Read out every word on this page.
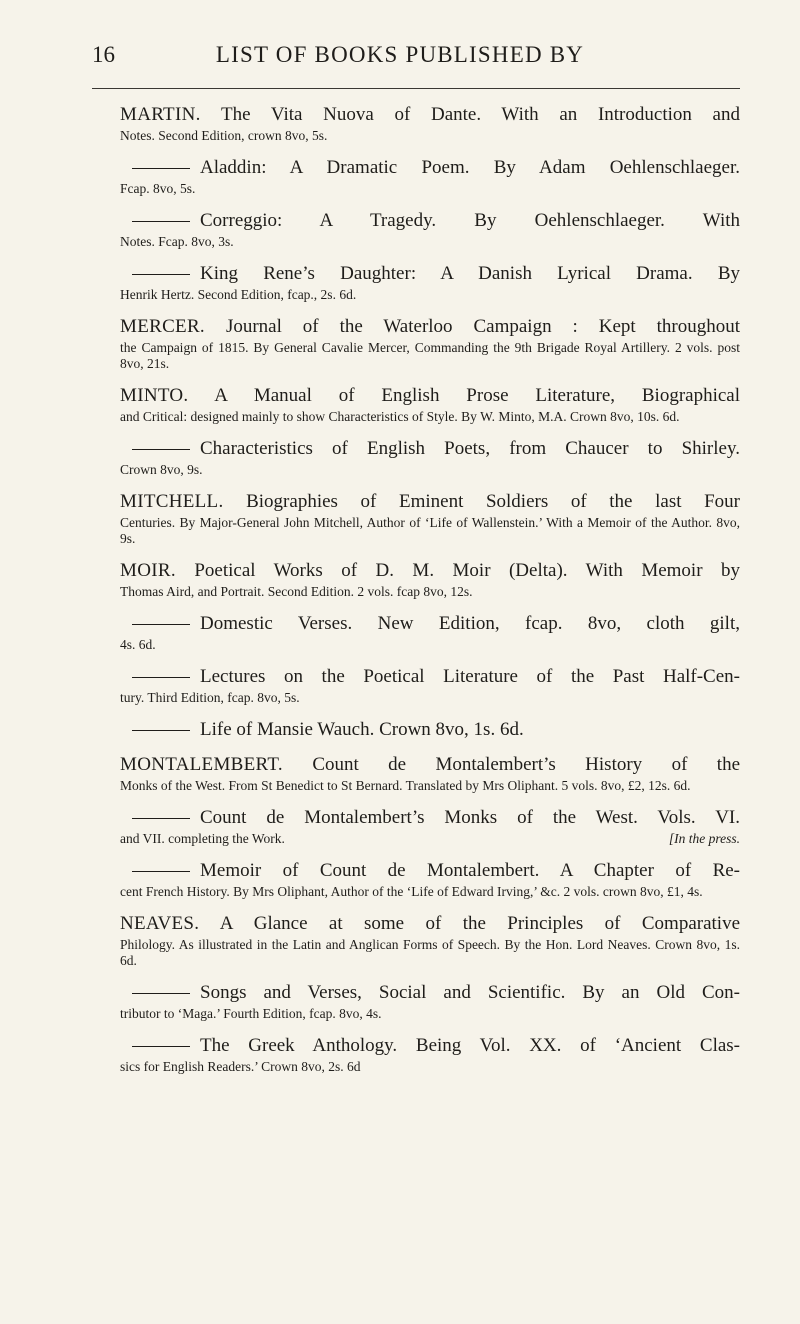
16	LIST OF BOOKS PUBLISHED BY
MARTIN. The Vita Nuova of Dante. With an Introduction and
Notes. Second Edition, crown 8vo, 5s.
Aladdin: A Dramatic Poem. By Adam Oehlenschlaeger.
Fcap. 8vo, 5s.
Correggio: A Tragedy. By Oehlenschlaeger. With
Notes. Fcap. 8vo, 3s.
King Rene’s Daughter: A Danish Lyrical Drama. By
Henrik Hertz. Second Edition, fcap., 2s. 6d.
MERCER. Journal of the Waterloo Campaign : Kept throughout
the Campaign of 1815. By General Cavalie Mercer, Commanding the 9th Brigade Royal Artillery. 2 vols. post 8vo, 21s.
MINTO. A Manual of English Prose Literature, Biographical
and Critical: designed mainly to show Characteristics of Style. By W. Minto, M.A. Crown 8vo, 10s. 6d.
Characteristics of English Poets, from Chaucer to Shirley.
Crown 8vo, 9s.
MITCHELL. Biographies of Eminent Soldiers of the last Four
Centuries. By Major-General John Mitchell, Author of ‘Life of Wallenstein.’ With a Memoir of the Author. 8vo, 9s.
MOIR. Poetical Works of D. M. Moir (Delta). With Memoir by
Thomas Aird, and Portrait. Second Edition. 2 vols. fcap 8vo, 12s.
Domestic Verses. New Edition, fcap. 8vo, cloth gilt,
4s. 6d.
Lectures on the Poetical Literature of the Past Half-Cen-
tury. Third Edition, fcap. 8vo, 5s.
Life of Mansie Wauch. Crown 8vo, 1s. 6d.
MONTALEMBERT. Count de Montalembert’s History of the
Monks of the West. From St Benedict to St Bernard. Translated by Mrs Oliphant. 5 vols. 8vo, £2, 12s. 6d.
Count de Montalembert’s Monks of the West. Vols. VI.
and VII. completing the Work.	[In the press.
Memoir of Count de Montalembert. A Chapter of Re-
cent French History. By Mrs Oliphant, Author of the ‘Life of Edward Irving,’ &c. 2 vols. crown 8vo, £1, 4s.
NEAVES. A Glance at some of the Principles of Comparative
Philology. As illustrated in the Latin and Anglican Forms of Speech. By the Hon. Lord Neaves. Crown 8vo, 1s. 6d.
Songs and Verses, Social and Scientific. By an Old Con-
tributor to ‘Maga.’ Fourth Edition, fcap. 8vo, 4s.
The Greek Anthology. Being Vol. XX. of ‘Ancient Clas-
sics for English Readers.’ Crown 8vo, 2s. 6d
